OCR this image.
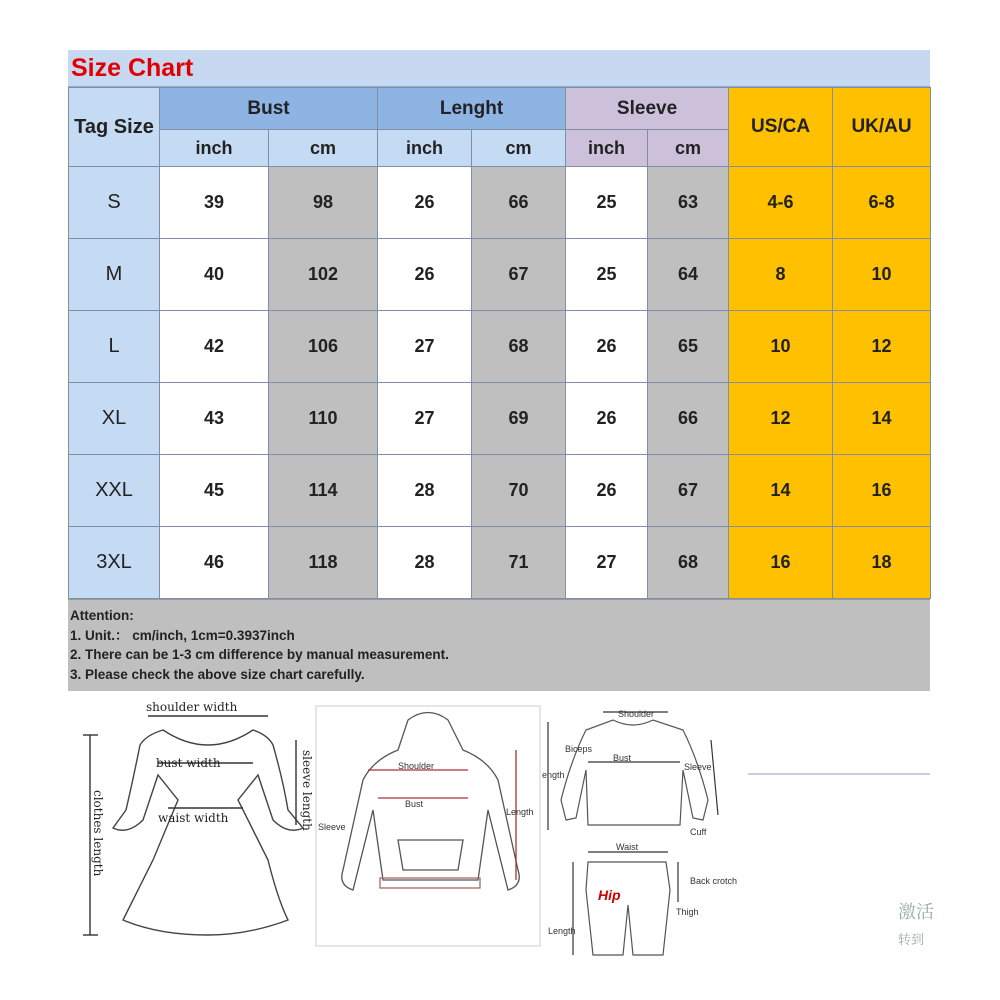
Size Chart
Tag Size	Bust		Lenght		Sleeve		US/CA	UK/AU
	inch	cm	inch	cm	inch	cm		
S	39	98	26	66	25	63	4-6	6-8
M	40	102	26	67	25	64	8	10
L	42	106	27	68	26	65	10	12
XL	43	110	27	69	26	66	12	14
XXL	45	114	28	70	26	67	14	16
3XL	46	118	28	71	27	68	16	18
Attention:
1. Unit.： cm/inch, 1cm=0.3937inch
2. There can be 1-3 cm difference by manual measurement.
3. Please check the above size chart carefully.
shoulder width
bust width
waist width
clothes length	sleeve length	Shoulder
Bust
Length
Sleeve
Shoulder
Biceps
Bust
ength
Sleeve
Cuff
Waist
Hip
Back crotch
Thigh
Length
激活
转到
